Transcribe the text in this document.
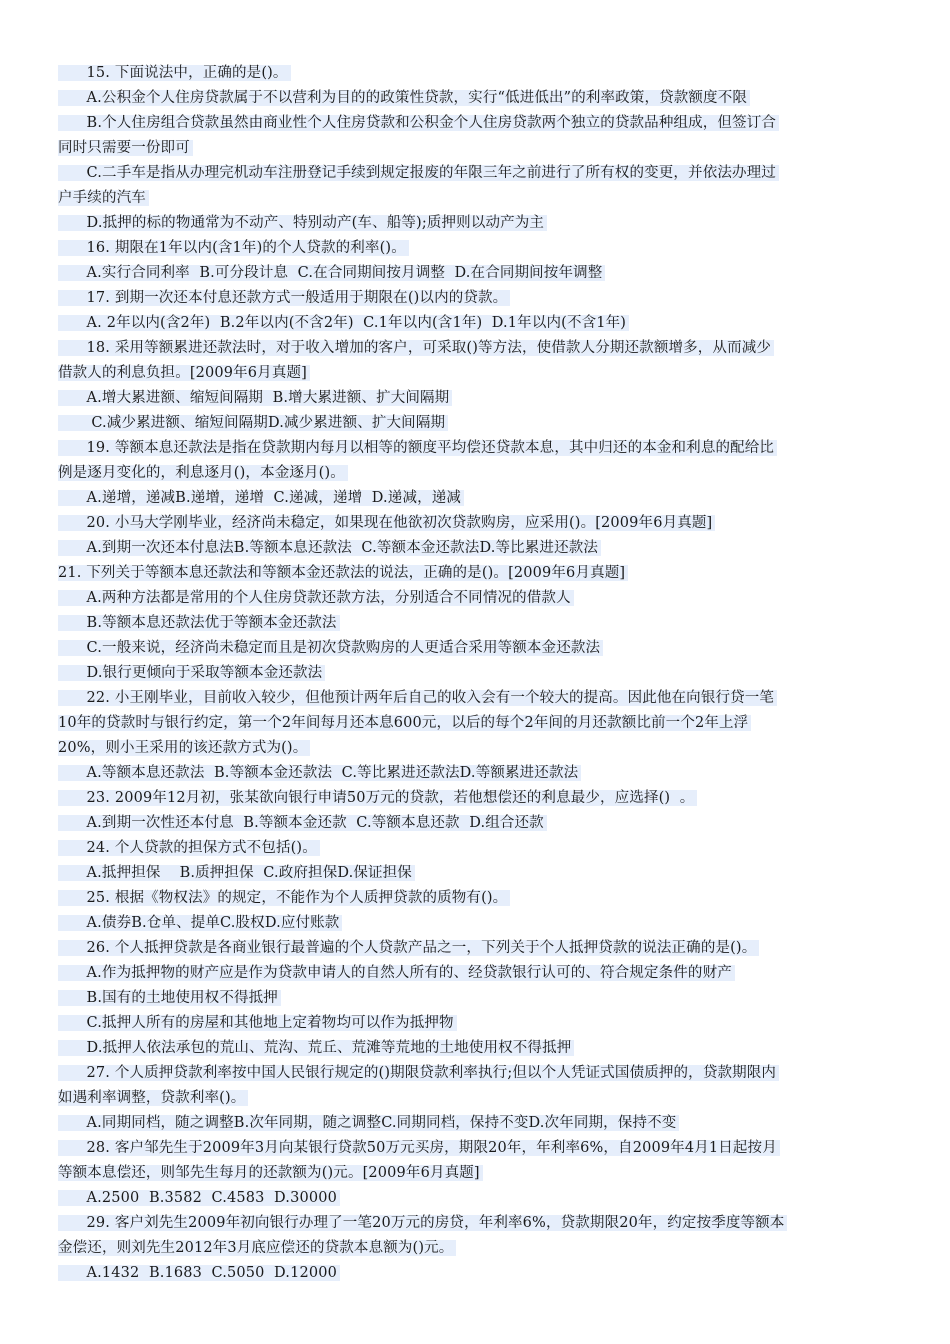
15. 下面说法中，正确的是()。
A.公积金个人住房贷款属于不以营利为目的的政策性贷款，实行“低进低出”的利率政策，贷款额度不限
B.个人住房组合贷款虽然由商业性个人住房贷款和公积金个人住房贷款两个独立的贷款品种组成，但签订合
同时只需要一份即可
C.二手车是指从办理完机动车注册登记手续到规定报废的年限三年之前进行了所有权的变更，并依法办理过
户手续的汽车
D.抵押的标的物通常为不动产、特别动产(车、船等);质押则以动产为主
16. 期限在1年以内(含1年)的个人贷款的利率()。
A.实行合同利率  B.可分段计息  C.在合同期间按月调整  D.在合同期间按年调整
17. 到期一次还本付息还款方式一般适用于期限在()以内的贷款。
A. 2年以内(含2年)  B.2年以内(不含2年)  C.1年以内(含1年)  D.1年以内(不含1年)
18. 采用等额累进还款法时，对于收入增加的客户，可采取()等方法，使借款人分期还款额增多，从而减少
借款人的利息负担。[2009年6月真题]
A.增大累进额、缩短间隔期  B.增大累进额、扩大间隔期
C.减少累进额、缩短间隔期D.减少累进额、扩大间隔期
19. 等额本息还款法是指在贷款期内每月以相等的额度平均偿还贷款本息，其中归还的本金和利息的配给比
例是逐月变化的，利息逐月()，本金逐月()。
A.递增，递减B.递增，递增  C.递减，递增  D.递减，递减
20. 小马大学刚毕业，经济尚未稳定，如果现在他欲初次贷款购房，应采用()。[2009年6月真题]
A.到期一次还本付息法B.等额本息还款法  C.等额本金还款法D.等比累进还款法
21. 下列关于等额本息还款法和等额本金还款法的说法，正确的是()。[2009年6月真题]
A.两种方法都是常用的个人住房贷款还款方法，分别适合不同情况的借款人
B.等额本息还款法优于等额本金还款法
C.一般来说，经济尚未稳定而且是初次贷款购房的人更适合采用等额本金还款法
D.银行更倾向于采取等额本金还款法
22. 小王刚毕业，目前收入较少，但他预计两年后自己的收入会有一个较大的提高。因此他在向银行贷一笔
10年的贷款时与银行约定，第一个2年间每月还本息600元，以后的每个2年间的月还款额比前一个2年上浮
20%，则小王采用的该还款方式为()。
A.等额本息还款法  B.等额本金还款法  C.等比累进还款法D.等额累进还款法
23. 2009年12月初，张某欲向银行申请50万元的贷款，若他想偿还的利息最少，应选择()  。
A.到期一次性还本付息  B.等额本金还款  C.等额本息还款  D.组合还款
24. 个人贷款的担保方式不包括()。
A.抵押担保    B.质押担保  C.政府担保D.保证担保
25. 根据《物权法》的规定，不能作为个人质押贷款的质物有()。
A.债券B.仓单、提单C.股权D.应付账款
26. 个人抵押贷款是各商业银行最普遍的个人贷款产品之一，下列关于个人抵押贷款的说法正确的是()。
A.作为抵押物的财产应是作为贷款申请人的自然人所有的、经贷款银行认可的、符合规定条件的财产
B.国有的土地使用权不得抵押
C.抵押人所有的房屋和其他地上定着物均可以作为抵押物
D.抵押人依法承包的荒山、荒沟、荒丘、荒滩等荒地的土地使用权不得抵押
27. 个人质押贷款利率按中国人民银行规定的()期限贷款利率执行;但以个人凭证式国债质押的，贷款期限内
如遇利率调整，贷款利率()。
A.同期同档，随之调整B.次年同期，随之调整C.同期同档，保持不变D.次年同期，保持不变
28. 客户邹先生于2009年3月向某银行贷款50万元买房，期限20年，年利率6%，自2009年4月1日起按月
等额本息偿还，则邹先生每月的还款额为()元。[2009年6月真题]
A.2500  B.3582  C.4583  D.30000
29. 客户刘先生2009年初向银行办理了一笔20万元的房贷，年利率6%，贷款期限20年，约定按季度等额本
金偿还，则刘先生2012年3月底应偿还的贷款本息额为()元。
A.1432  B.1683  C.5050  D.12000
